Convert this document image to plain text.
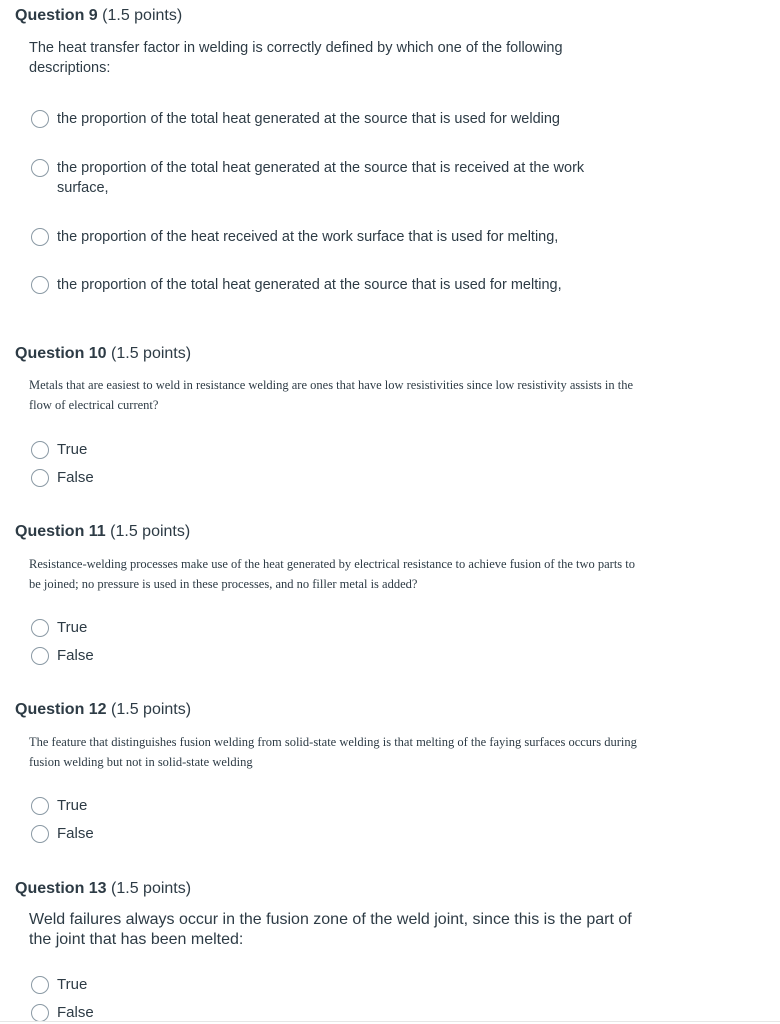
Question 9 (1.5 points)
The heat transfer factor in welding is correctly defined by which one of the following descriptions:
the proportion of the total heat generated at the source that is used for welding
the proportion of the total heat generated at the source that is received at the work surface,
the proportion of the heat received at the work surface that is used for melting,
the proportion of the total heat generated at the source that is used for melting,
Question 10 (1.5 points)
Metals that are easiest to weld in resistance welding are ones that have low resistivities since low resistivity assists in the flow of electrical current?
True
False
Question 11 (1.5 points)
Resistance-welding processes make use of the heat generated by electrical resistance to achieve fusion of the two parts to be joined; no pressure is used in these processes, and no filler metal is added?
True
False
Question 12 (1.5 points)
The feature that distinguishes fusion welding from solid-state welding is that melting of the faying surfaces occurs during fusion welding but not in solid-state welding
True
False
Question 13 (1.5 points)
Weld failures always occur in the fusion zone of the weld joint, since this is the part of the joint that has been melted:
True
False
